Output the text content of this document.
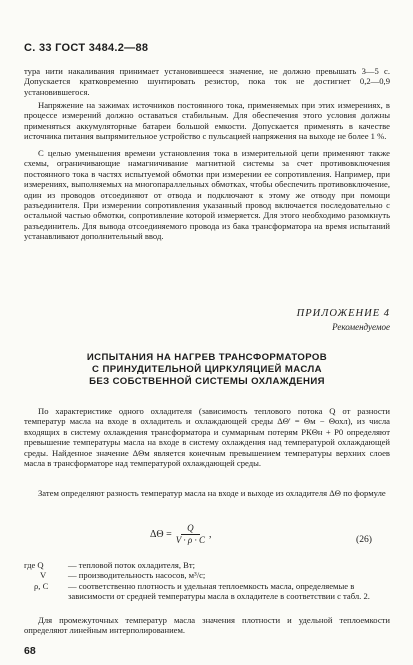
С. 33 ГОСТ 3484.2—88

тура нити накаливания принимает установившееся значение, не должно превышать 3—5 с. Допускается кратковременно шунтировать резистор, пока ток не достигнет 0,2—0,9 установившегося.

Напряжение на зажимах источников постоянного тока, применяемых при этих измерениях, в процессе измерений должно оставаться стабильным. Для обеспечения этого условия должны применяться аккумуляторные батареи большой емкости. Допускается применять в качестве источника питания выпрямительное устройство с пульсацией напряжения на выходе не более 1 %.

С целью уменьшения времени установления тока в измерительной цепи применяют также схемы, ограничивающие намагничивание магнитной системы за счет противовключения постоянного тока в частях испытуемой обмотки при измерении ее сопротивления. Например, при измерениях, выполняемых на многопараллельных обмотках, чтобы обеспечить противовключение, один из проводов отсоединяют от отвода и подключают к этому же отводу при помощи разъединителя. При измерении сопротивления указанный провод включается последовательно с остальной частью обмотки, сопротивление которой измеряется. Для этого необходимо разомкнуть разъединитель. Для вывода отсоединяемого провода из бака трансформатора на время испытаний устанавливают дополнительный ввод.

ПРИЛОЖЕНИЕ 4
Рекомендуемое
ИСПЫТАНИЯ НА НАГРЕВ ТРАНСФОРМАТОРОВ
С ПРИНУДИТЕЛЬНОЙ ЦИРКУЛЯЦИЕЙ МАСЛА
БЕЗ СОБСТВЕННОЙ СИСТЕМЫ ОХЛАЖДЕНИЯ

По характеристике одного охладителя (зависимость теплового потока Q от разности температур масла на входе в охладитель и охлаждающей среды ΔΘ' = Θм − Θохл), из числа входящих в систему охлаждения трансформатора и суммарным потерям PКΘн + P0 определяют превышение температуры масла на входе в систему охлаждения над температурой охлаждающей среды. Найденное значение ΔΘм является конечным превышением температуры верхних слоев масла в трансформаторе над температурой охлаждающей среды.

Затем определяют разность температур масла на входе и выходе из охладителя ΔΘ по формуле

$\Delta\Theta = \frac{Q}{V \cdot \rho \cdot C}$ ,	(26)
где Q	— тепловой поток охладителя, Вт;
V	— производительность насосов, м³/с;
ρ, C	— соответственно плотность и удельная теплоемкость масла, определяемые в зависимости от средней температуры масла в охладителе в соответствии с табл. 2.

Для промежуточных температур масла значения плотности и удельной теплоемкости определяют линейным интерполированием.

68
